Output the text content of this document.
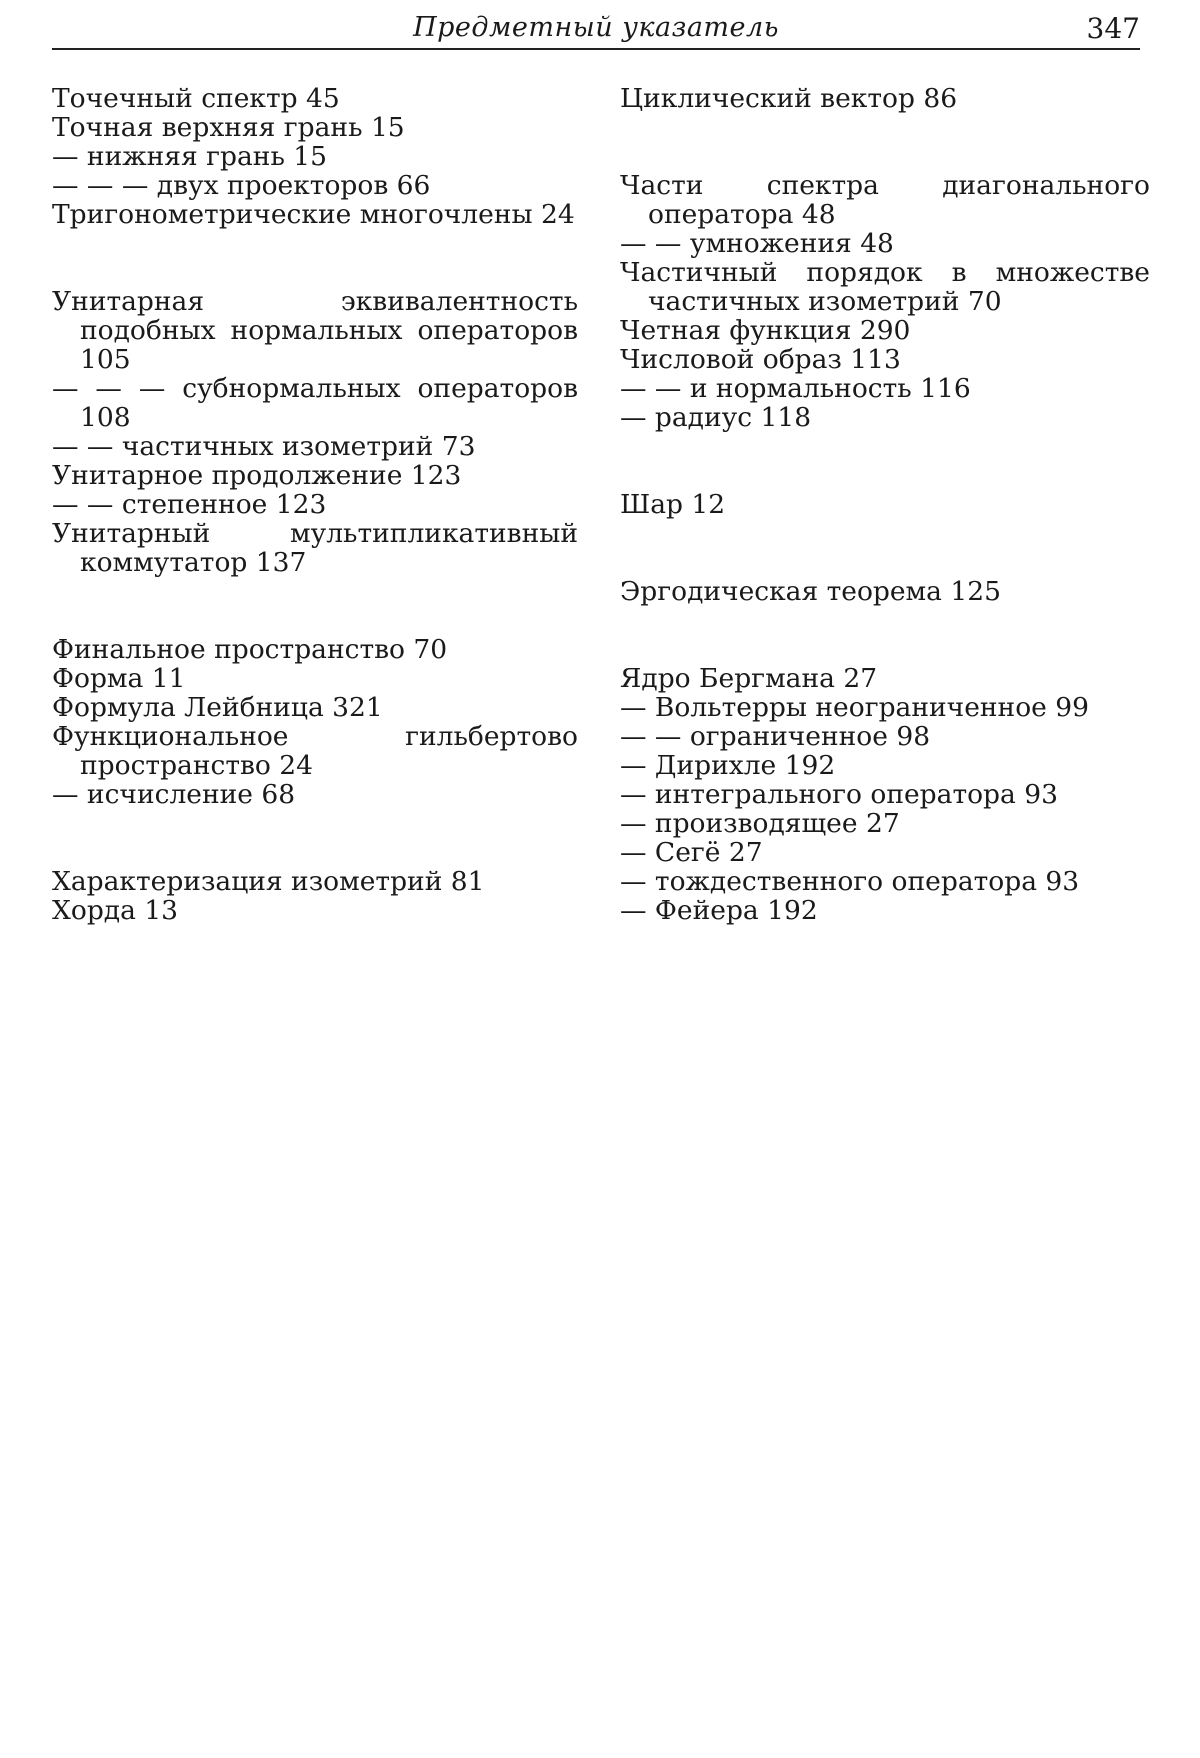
Предметный указатель	347
Точечный спектр 45
Точная верхняя грань 15
— нижняя грань 15
— — — двух проекторов 66
Тригонометрические многочлены 24
Унитарная эквивалентность подобных нормальных операторов 105
— — — субнормальных операторов 108
— — частичных изометрий 73
Унитарное продолжение 123
— — степенное 123
Унитарный мультипликативный коммутатор 137
Финальное пространство 70
Форма 11
Формула Лейбница 321
Функциональное гильбертово пространство 24
— исчисление 68
Характеризация изометрий 81
Хорда 13
Циклический вектор 86
Части спектра диагонального оператора 48
— — умножения 48
Частичный порядок в множестве частичных изометрий 70
Четная функция 290
Числовой образ 113
— — и нормальность 116
— радиус 118
Шар 12
Эргодическая теорема 125
Ядро Бергмана 27
— Вольтерры неограниченное 99
— — ограниченное 98
— Дирихле 192
— интегрального оператора 93
— производящее 27
— Сегё 27
— тождественного оператора 93
— Фейера 192
